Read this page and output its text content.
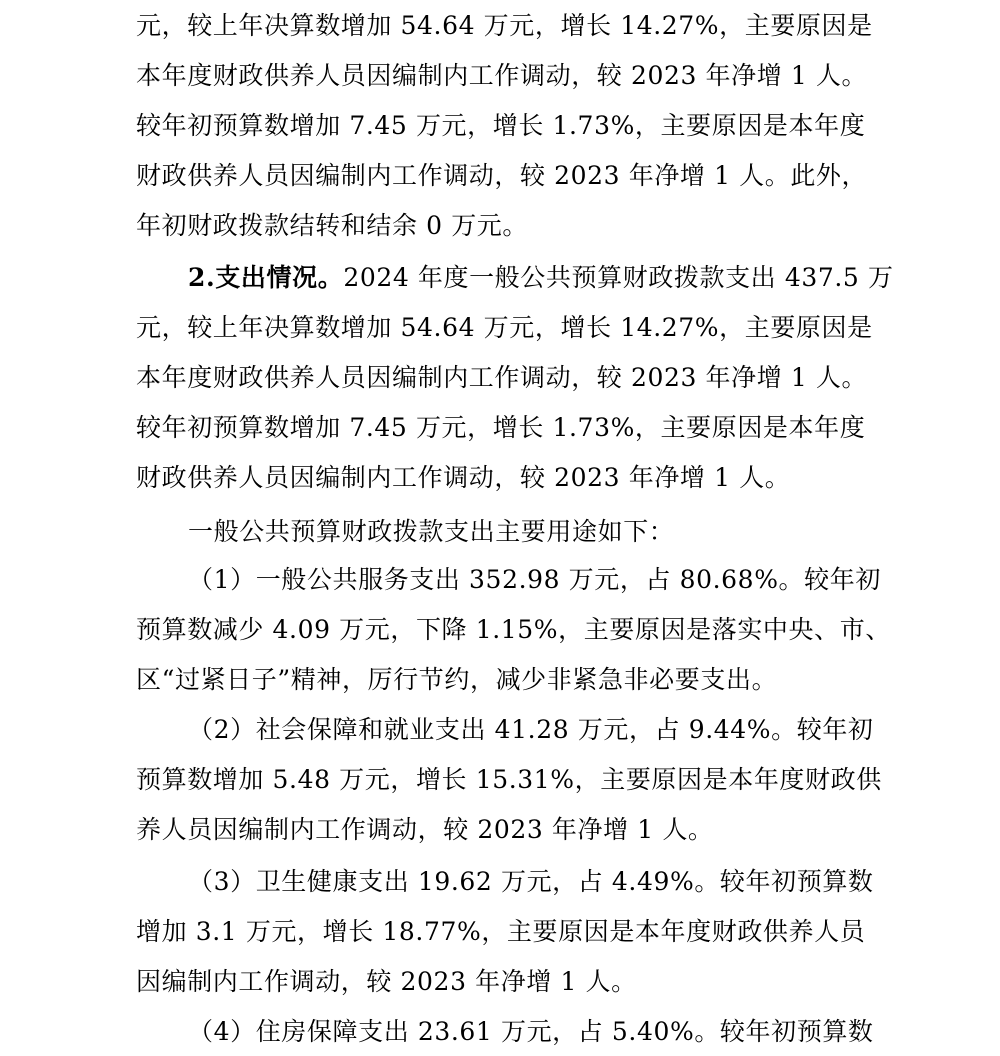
元，较上年决算数增加 54.64 万元，增长 14.27%，主要原因是
本年度财政供养人员因编制内工作调动，较 2023 年净增 1 人。
较年初预算数增加 7.45 万元，增长 1.73%，主要原因是本年度
财政供养人员因编制内工作调动，较 2023 年净增 1 人。此外，
年初财政拨款结转和结余 0 万元。
2.支出情况。2024 年度一般公共预算财政拨款支出 437.5 万
元，较上年决算数增加 54.64 万元，增长 14.27%，主要原因是
本年度财政供养人员因编制内工作调动，较 2023 年净增 1 人。
较年初预算数增加 7.45 万元，增长 1.73%，主要原因是本年度
财政供养人员因编制内工作调动，较 2023 年净增 1 人。
一般公共预算财政拨款支出主要用途如下：
（1）一般公共服务支出 352.98 万元，占 80.68%。较年初
预算数减少 4.09 万元，下降 1.15%，主要原因是落实中央、市、
区“过紧日子”精神，厉行节约，减少非紧急非必要支出。
（2）社会保障和就业支出 41.28 万元，占 9.44%。较年初
预算数增加 5.48 万元，增长 15.31%，主要原因是本年度财政供
养人员因编制内工作调动，较 2023 年净增 1 人。
（3）卫生健康支出 19.62 万元，占 4.49%。较年初预算数
增加 3.1 万元，增长 18.77%，主要原因是本年度财政供养人员
因编制内工作调动，较 2023 年净增 1 人。
（4）住房保障支出 23.61 万元，占 5.40%。较年初预算数
